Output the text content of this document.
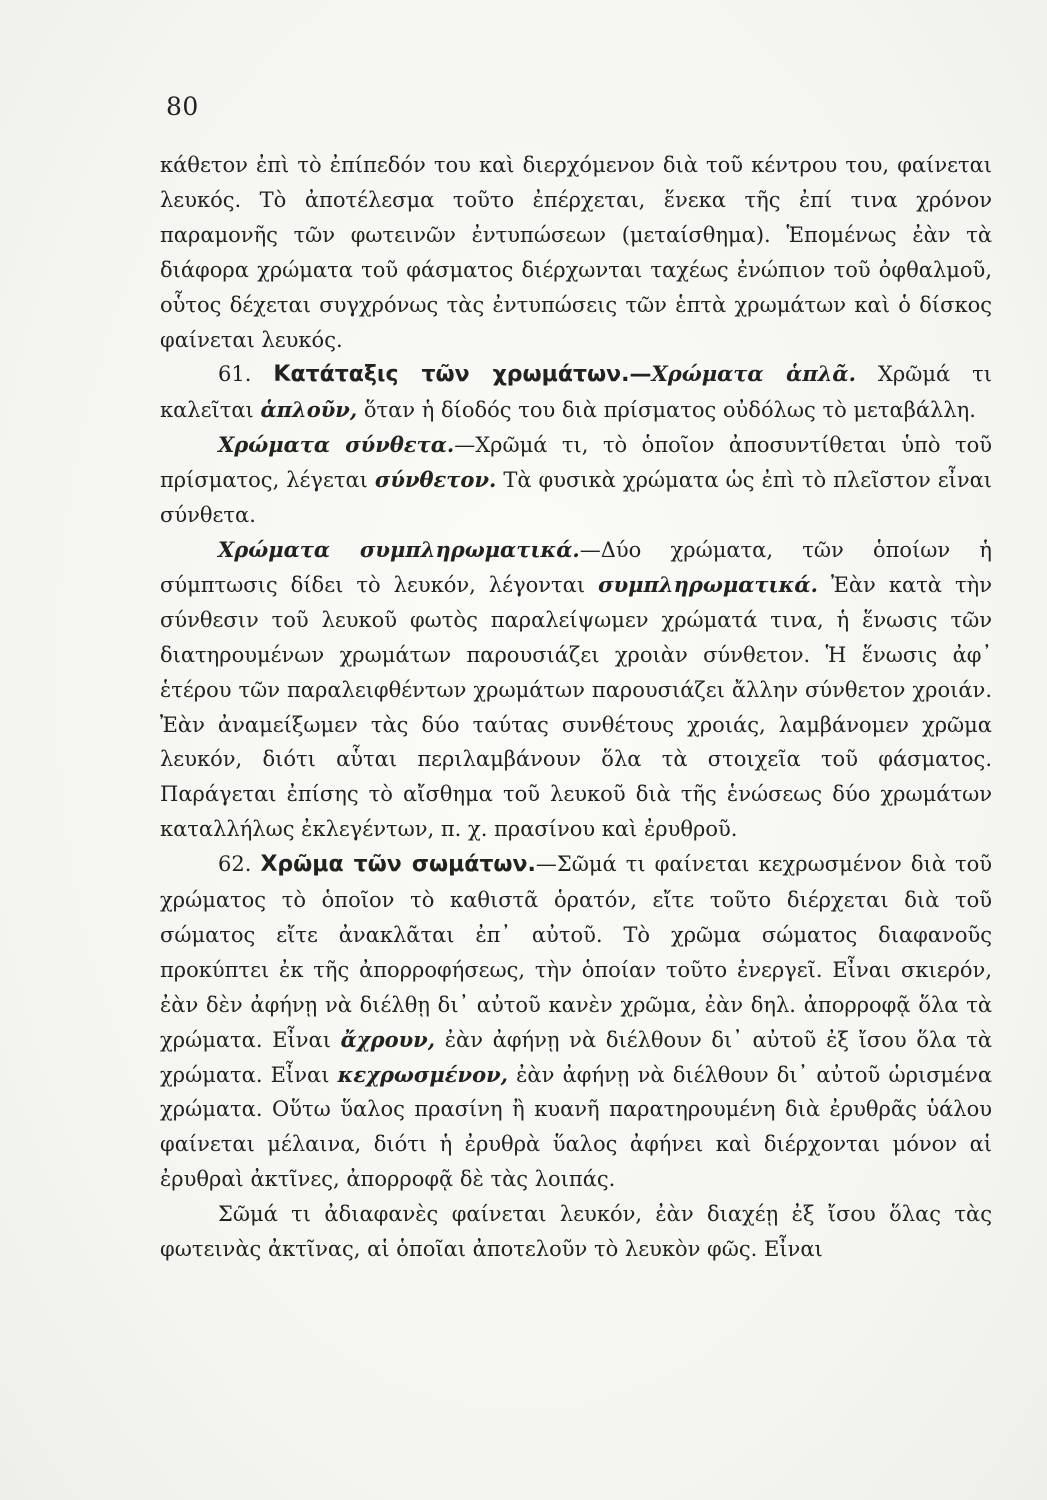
80

κάθετον ἐπὶ τὸ ἐπίπεδόν του καὶ διερχόμενον διὰ τοῦ κέντρου του, φαίνεται λευκός. Τὸ ἀποτέλεσμα τοῦτο ἐπέρχεται, ἕνεκα τῆς ἐπί τινα χρόνον παραμονῆς τῶν φωτεινῶν ἐντυπώσεων (μεταίσθημα). Ἑπομένως ἐὰν τὰ διάφορα χρώματα τοῦ φάσματος διέρχωνται ταχέως ἐνώπιον τοῦ ὀφθαλμοῦ, οὗτος δέχεται συγχρόνως τὰς ἐντυπώσεις τῶν ἑπτὰ χρωμάτων καὶ ὁ δίσκος φαίνεται λευκός.

61. Κατάταξις τῶν χρωμάτων.—Χρώματα ἁπλᾶ. Χρῶμά τι καλεῖται ἁπλοῦν, ὅταν ἡ δίοδός του διὰ πρίσματος οὐδόλως τὸ μεταβάλλη.

Χρώματα σύνθετα.—Χρῶμά τι, τὸ ὁποῖον ἀποσυντίθεται ὑπὸ τοῦ πρίσματος, λέγεται σύνθετον. Τὰ φυσικὰ χρώματα ὡς ἐπὶ τὸ πλεῖστον εἶναι σύνθετα.

Χρώματα συμπληρωματικά.—Δύο χρώματα, τῶν ὁποίων ἡ σύμπτωσις δίδει τὸ λευκόν, λέγονται συμπληρωματικά. Ἐὰν κατὰ τὴν σύνθεσιν τοῦ λευκοῦ φωτὸς παραλείψωμεν χρώματά τινα, ἡ ἕνωσις τῶν διατηρουμένων χρωμάτων παρουσιάζει χροιὰν σύνθετον. Ἡ ἕνωσις ἀφ᾽ ἑτέρου τῶν παραλειφθέντων χρωμάτων παρουσιάζει ἄλλην σύνθετον χροιάν. Ἐὰν ἀναμείξωμεν τὰς δύο ταύτας συνθέτους χροιάς, λαμβάνομεν χρῶμα λευκόν, διότι αὗται περιλαμβάνουν ὅλα τὰ στοιχεῖα τοῦ φάσματος. Παράγεται ἐπίσης τὸ αἴσθημα τοῦ λευκοῦ διὰ τῆς ἑνώσεως δύο χρωμάτων καταλλήλως ἐκλεγέντων, π. χ. πρασίνου καὶ ἐρυθροῦ.

62. Χρῶμα τῶν σωμάτων.—Σῶμά τι φαίνεται κεχρωσμένον διὰ τοῦ χρώματος τὸ ὁποῖον τὸ καθιστᾶ ὁρατόν, εἴτε τοῦτο διέρχεται διὰ τοῦ σώματος εἴτε ἀνακλᾶται ἐπ᾽ αὐτοῦ. Τὸ χρῶμα σώματος διαφανοῦς προκύπτει ἐκ τῆς ἀπορροφήσεως, τὴν ὁποίαν τοῦτο ἐνεργεῖ. Εἶναι σκιερόν, ἐὰν δὲν ἀφήνῃ νὰ διέλθῃ δι᾽ αὐτοῦ κανὲν χρῶμα, ἐὰν δηλ. ἀπορροφᾷ ὅλα τὰ χρώματα. Εἶναι ἄχρουν, ἐὰν ἀφήνῃ νὰ διέλθουν δι᾽ αὐτοῦ ἐξ ἴσου ὅλα τὰ χρώματα. Εἶναι κεχρωσμένον, ἐὰν ἀφήνῃ νὰ διέλθουν δι᾽ αὐτοῦ ὡρισμένα χρώματα. Οὕτω ὕαλος πρασίνη ἢ κυανῆ παρατηρουμένη διὰ ἐρυθρᾶς ὑάλου φαίνεται μέλαινα, διότι ἡ ἐρυθρὰ ὕαλος ἀφήνει καὶ διέρχονται μόνον αἱ ἐρυθραὶ ἀκτῖνες, ἀπορροφᾷ δὲ τὰς λοιπάς.

Σῶμά τι ἀδιαφανὲς φαίνεται λευκόν, ἐὰν διαχέῃ ἐξ ἴσου ὅλας τὰς φωτεινὰς ἀκτῖνας, αἱ ὁποῖαι ἀποτελοῦν τὸ λευκὸν φῶς. Εἶναι
